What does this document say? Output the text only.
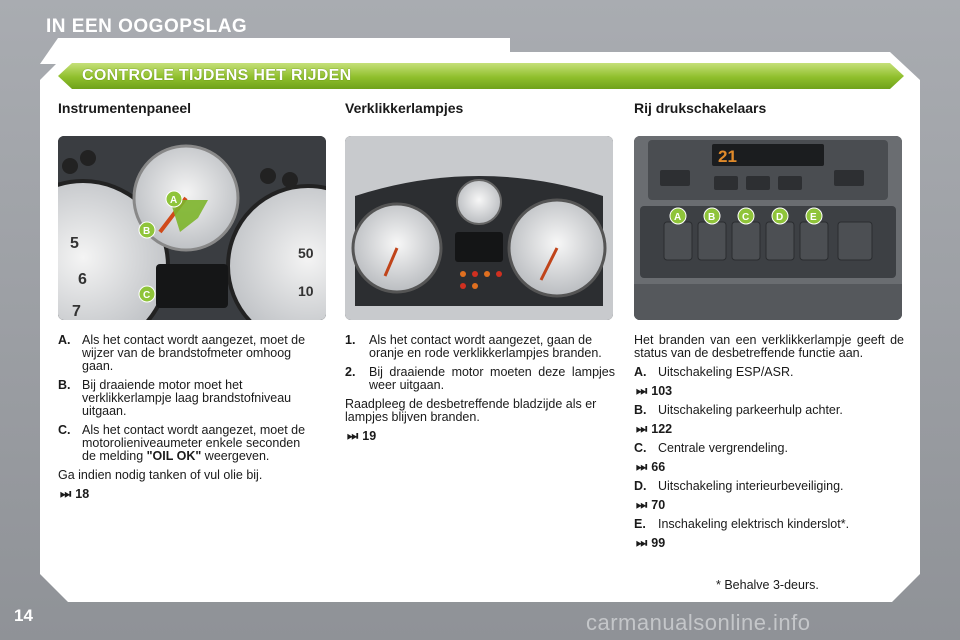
IN EEN OOGOPSLAG
CONTROLE TIJDENS HET RIJDEN
Instrumentenpaneel
5
6
7
50
10
A
B
C
A. Als het contact wordt aangezet, moet de wijzer van de brandstofmeter omhoog gaan.
B. Bij draaiende motor moet het verklikkerlampje laag brandstofniveau uitgaan.
C. Als het contact wordt aangezet, moet de motorolieniveaumeter enkele seconden de melding "OIL OK" weergeven.
Ga indien nodig tanken of vul olie bij.
⏭ 18
Verklikkerlampjes
1. Als het contact wordt aangezet, gaan de oranje en rode verklikkerlampjes branden.
2. Bij draaiende motor moeten deze lampjes weer uitgaan.
Raadpleeg de desbetreffende bladzijde als er lampjes blijven branden.
⏭ 19
Rij drukschakelaars
21
A	B	C	D	E
Het branden van een verklikkerlampje geeft de status van de desbetreffende functie aan.
A. Uitschakeling ESP/ASR.
⏭ 103
B. Uitschakeling parkeerhulp achter.
⏭ 122
C. Centrale vergrendeling.
⏭ 66
D. Uitschakeling interieurbeveiliging.
⏭ 70
E. Inschakeling elektrisch kinderslot*.
⏭ 99
* Behalve 3-deurs.
14	carmanualsonline.info
